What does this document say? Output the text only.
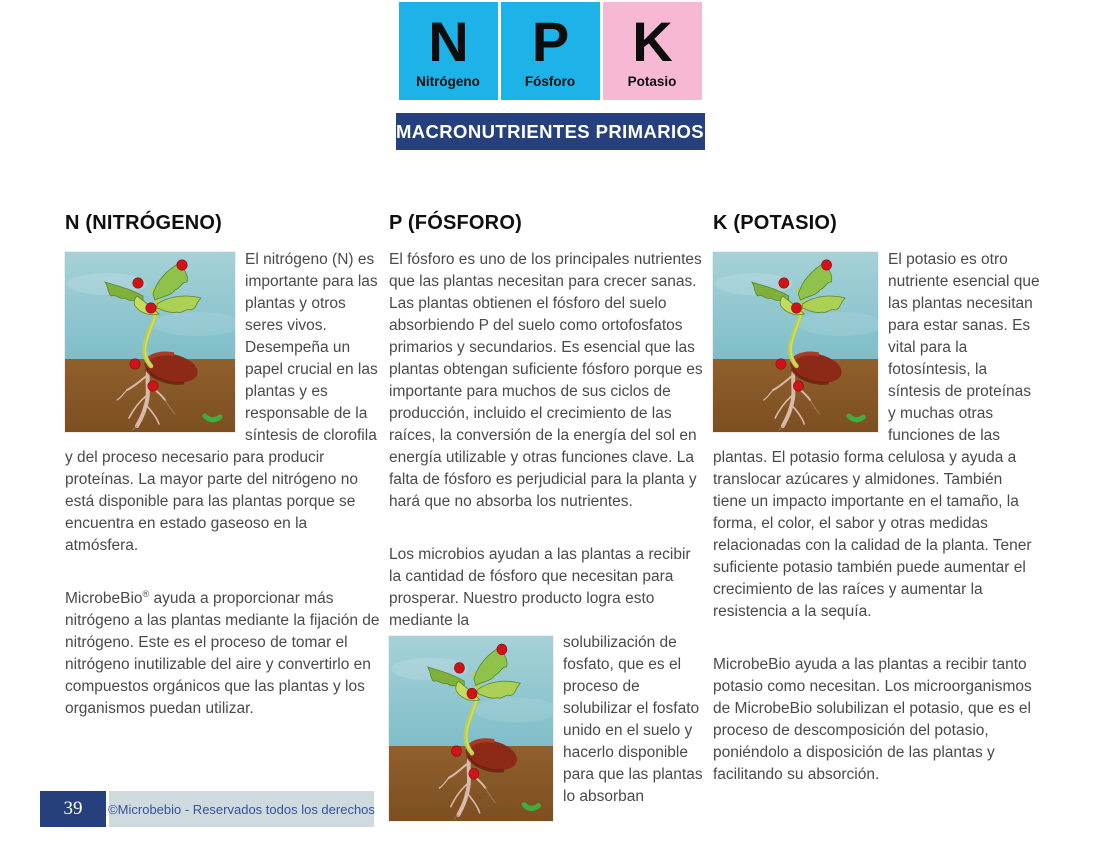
N
Nitrógeno
P
Fósforo
K
Potasio
MACRONUTRIENTES PRIMARIOS
N (NITRÓGENO)

El nitrógeno (N) es importante para las plantas y otros seres vivos. Desempeña un papel crucial en las plantas y es responsable de la síntesis de clorofila y del proceso necesario para producir proteínas. La mayor parte del nitrógeno no está disponible para las plantas porque se encuentra en estado gaseoso en la atmósfera.

MicrobeBio® ayuda a proporcionar más nitrógeno a las plantas mediante la fijación de nitrógeno. Este es el proceso de tomar el nitrógeno inutilizable del aire y convertirlo en compuestos orgánicos que las plantas y los organismos puedan utilizar.

P (FÓSFORO)

El fósforo es uno de los principales nutrientes que las plantas necesitan para crecer sanas. Las plantas obtienen el fósforo del suelo absorbiendo P del suelo como ortofosfatos primarios y secundarios. Es esencial que las plantas obtengan suficiente fósforo porque es importante para muchos de sus ciclos de producción, incluido el crecimiento de las raíces, la conversión de la energía del sol en energía utilizable y otras funciones clave. La falta de fósforo es perjudicial para la planta y hará que no absorba los nutrientes.

Los microbios ayudan a las plantas a recibir la cantidad de fósforo que necesitan para prosperar. Nuestro producto logra esto mediante la

solubilización de fosfato, que es el proceso de solubilizar el fosfato unido en el suelo y hacerlo disponible para que las plantas lo absorban

K (POTASIO)

El potasio es otro nutriente esencial que las plantas necesitan para estar sanas. Es vital para la fotosíntesis, la síntesis de proteínas y muchas otras funciones de las plantas. El potasio forma celulosa y ayuda a translocar azúcares y almidones. También tiene un impacto importante en el tamaño, la forma, el color, el sabor y otras medidas relacionadas con la calidad de la planta. Tener suficiente potasio también puede aumentar el crecimiento de las raíces y aumentar la resistencia a la sequía.

MicrobeBio ayuda a las plantas a recibir tanto potasio como necesitan. Los microorganismos de MicrobeBio solubilizan el potasio, que es el proceso de descomposición del potasio, poniéndolo a disposición de las plantas y facilitando su absorción.

39	©Microbebio - Reservados todos los derechos
